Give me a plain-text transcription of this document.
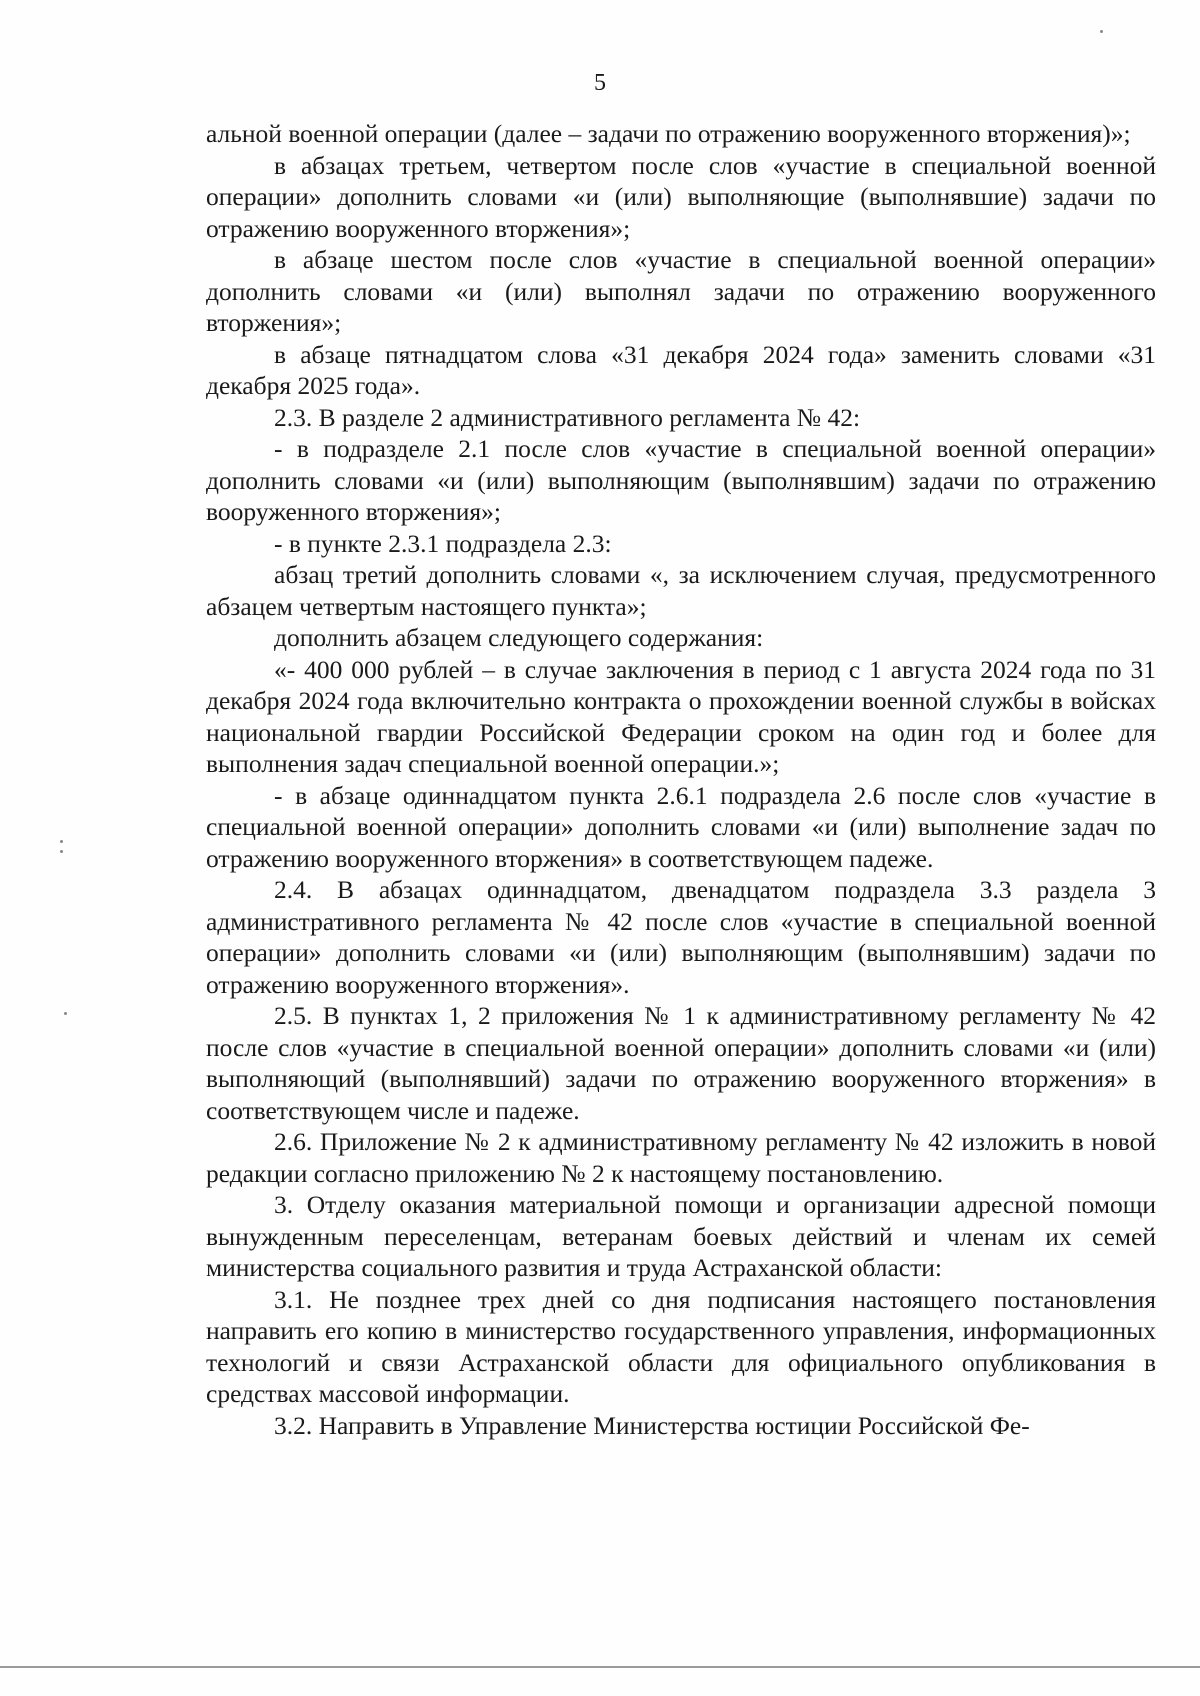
5

альной военной операции (далее – задачи по отражению вооруженного вторжения)»;

в абзацах третьем, четвертом после слов «участие в специальной военной операции» дополнить словами «и (или) выполняющие (выполнявшие) задачи по отражению вооруженного вторжения»;

в абзаце шестом после слов «участие в специальной военной операции» дополнить словами «и (или) выполнял задачи по отражению вооруженного вторжения»;

в абзаце пятнадцатом слова «31 декабря 2024 года» заменить словами «31 декабря 2025 года».

2.3. В разделе 2 административного регламента № 42:

- в подразделе 2.1 после слов «участие в специальной военной операции» дополнить словами «и (или) выполняющим (выполнявшим) задачи по отражению вооруженного вторжения»;

- в пункте 2.3.1 подраздела 2.3:

абзац третий дополнить словами «, за исключением случая, предусмотренного абзацем четвертым настоящего пункта»;

дополнить абзацем следующего содержания:

«- 400 000 рублей – в случае заключения в период с 1 августа 2024 года по 31 декабря 2024 года включительно контракта о прохождении военной службы в войсках национальной гвардии Российской Федерации сроком на один год и более для выполнения задач специальной военной операции.»;

- в абзаце одиннадцатом пункта 2.6.1 подраздела 2.6 после слов «участие в специальной военной операции» дополнить словами «и (или) выполнение задач по отражению вооруженного вторжения» в соответствующем падеже.

2.4. В абзацах одиннадцатом, двенадцатом подраздела 3.3 раздела 3 административного регламента № 42 после слов «участие в специальной военной операции» дополнить словами «и (или) выполняющим (выполнявшим) задачи по отражению вооруженного вторжения».

2.5. В пунктах 1, 2 приложения № 1 к административному регламенту № 42 после слов «участие в специальной военной операции» дополнить словами «и (или) выполняющий (выполнявший) задачи по отражению вооруженного вторжения» в соответствующем числе и падеже.

2.6. Приложение № 2 к административному регламенту № 42 изложить в новой редакции согласно приложению № 2 к настоящему постановлению.

3. Отделу оказания материальной помощи и организации адресной помощи вынужденным переселенцам, ветеранам боевых действий и членам их семей министерства социального развития и труда Астраханской области:

3.1. Не позднее трех дней со дня подписания настоящего постановления направить его копию в министерство государственного управления, информационных технологий и связи Астраханской области для официального опубликования в средствах массовой информации.

3.2. Направить в Управление Министерства юстиции Российской Фе-
